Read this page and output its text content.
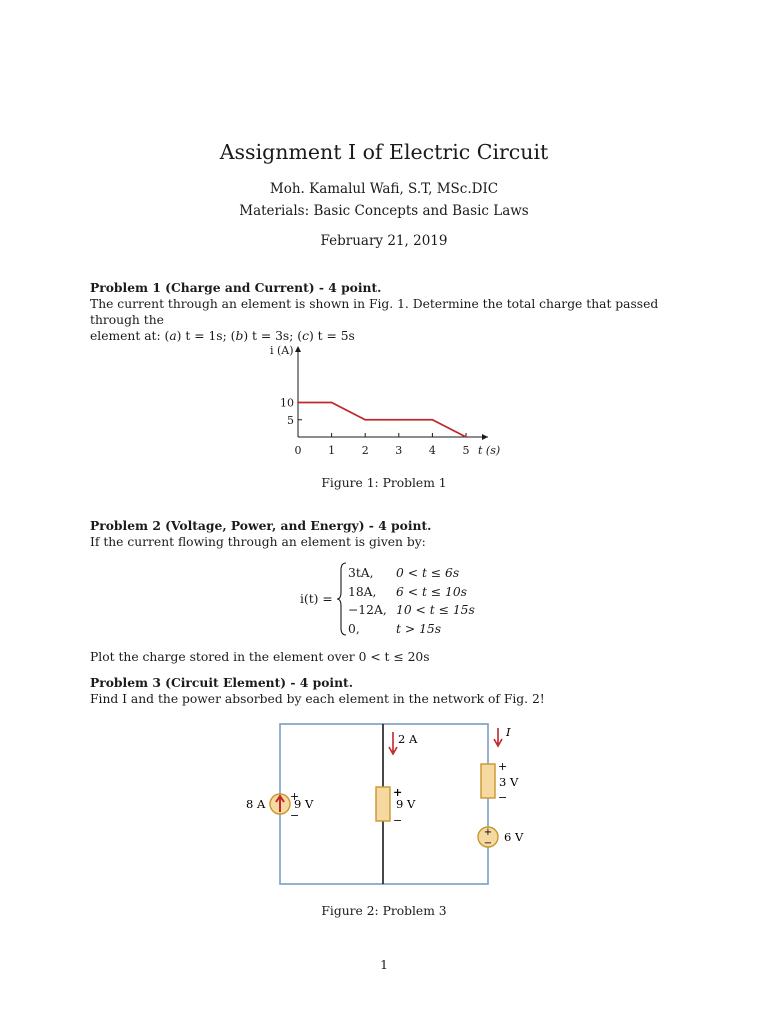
Assignment I of Electric Circuit
Moh. Kamalul Wafi, S.T, MSc.DIC
Materials: Basic Concepts and Basic Laws
February 21, 2019
Problem 1 (Charge and Current) - 4 point.
The current through an element is shown in Fig. 1. Determine the total charge that passed through the
element at: (a) t = 1s; (b) t = 3s; (c) t = 5s
0 1 2 3 4 5
5
10
i (A)
t (s)
Figure 1: Problem 1
Problem 2 (Voltage, Power, and Energy) - 4 point.
If the current flowing through an element is given by:
i(t) =
3tA,
18A,
−12A,
0,
0 < t ≤ 6s
6 < t ≤ 10s
10 < t ≤ 15s
t > 15s
Plot the charge stored in the element over 0 < t ≤ 20s
Problem 3 (Circuit Element) - 4 point.
Find I and the power absorbed by each element in the network of Fig. 2!
8 A
+
9 V
−
2 A
+
9 V
−
I
+
3 V
−
+
− 6 V
Figure 2: Problem 3
1
